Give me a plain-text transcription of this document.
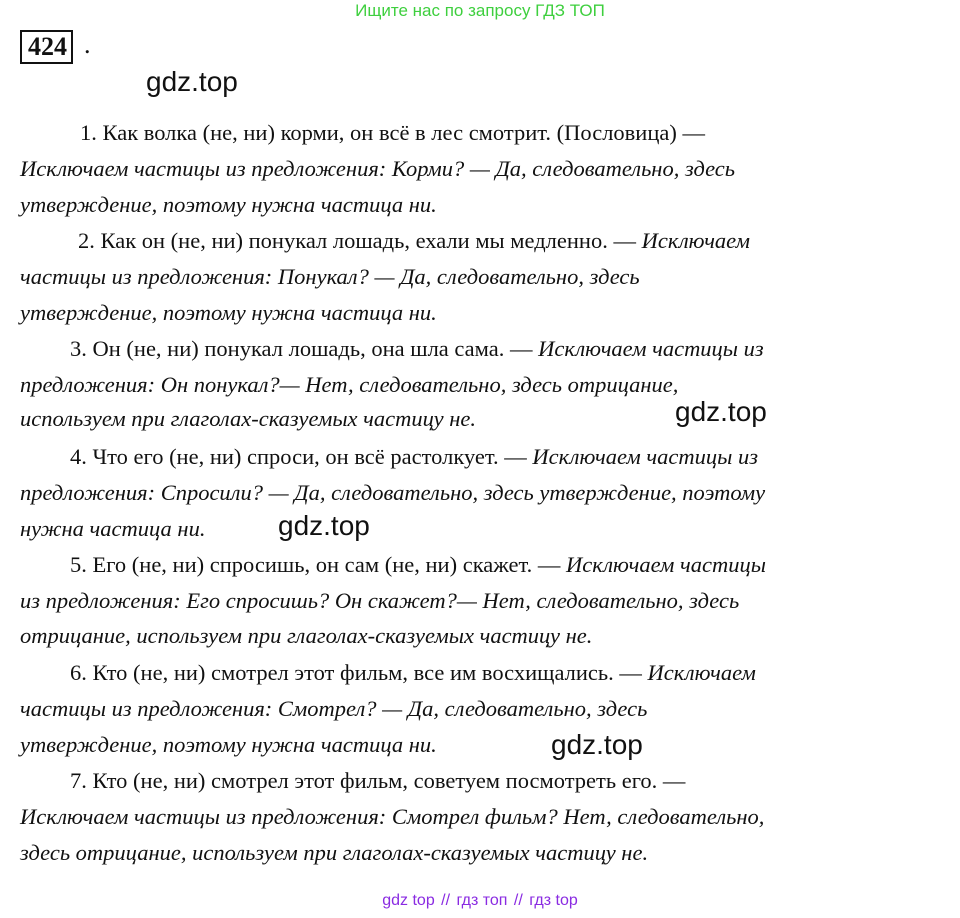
Ищите нас по запросу ГДЗ ТОП
424 .
gdz.top
gdz.top
gdz.top
gdz.top
1. Как волка (не, ни) корми, он всё в лес смотрит. (Пословица) —
Исключаем частицы из предложения: Корми? — Да, следовательно, здесь
утверждение, поэтому нужна частица ни.
2. Как он (не, ни) понукал лошадь, ехали мы медленно. — Исключаем
частицы из предложения: Понукал? — Да, следовательно, здесь
утверждение, поэтому нужна частица ни.
3. Он (не, ни) понукал лошадь, она шла сама. — Исключаем частицы из
предложения: Он понукал?— Нет, следовательно, здесь отрицание,
используем при глаголах-сказуемых частицу не.
4. Что его (не, ни) спроси, он всё растолкует. — Исключаем частицы из
предложения: Спросили? — Да, следовательно, здесь утверждение, поэтому
нужна частица ни.
5. Его (не, ни) спросишь, он сам (не, ни) скажет. — Исключаем частицы
из предложения: Его спросишь? Он скажет?— Нет, следовательно, здесь
отрицание, используем при глаголах-сказуемых частицу не.
6. Кто (не, ни) смотрел этот фильм, все им восхищались. — Исключаем
частицы из предложения: Смотрел? — Да, следовательно, здесь
утверждение, поэтому нужна частица ни.
7. Кто (не, ни) смотрел этот фильм, советуем посмотреть его. —
Исключаем частицы из предложения: Смотрел фильм? Нет, следовательно,
здесь отрицание, используем при глаголах-сказуемых частицу не.
gdz top // гдз топ // гдз top
